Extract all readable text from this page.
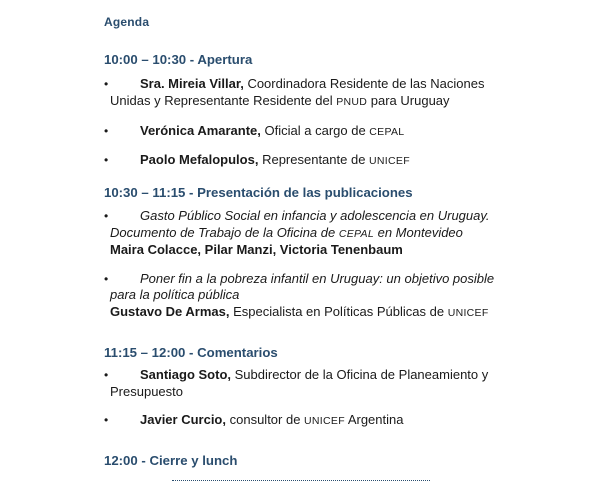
Agenda
10:00 – 10:30 - Apertura
•	Sra. Mireia Villar, Coordinadora Residente de las Naciones
Unidas y Representante Residente del PNUD para Uruguay
•	Verónica Amarante, Oficial a cargo de CEPAL
•	Paolo Mefalopulos, Representante de UNICEF
10:30 – 11:15 - Presentación de las publicaciones
•	Gasto Público Social en infancia y adolescencia en Uruguay.
Documento de Trabajo de la Oficina de CEPAL en Montevideo
Maira Colacce, Pilar Manzi, Victoria Tenenbaum
•	Poner fin a la pobreza infantil en Uruguay: un objetivo posible
para la política pública
Gustavo De Armas, Especialista en Políticas Públicas de UNICEF
11:15 – 12:00 - Comentarios
•	Santiago Soto, Subdirector de la Oficina de Planeamiento y
Presupuesto
•	Javier Curcio, consultor de UNICEF Argentina
12:00 - Cierre y lunch
